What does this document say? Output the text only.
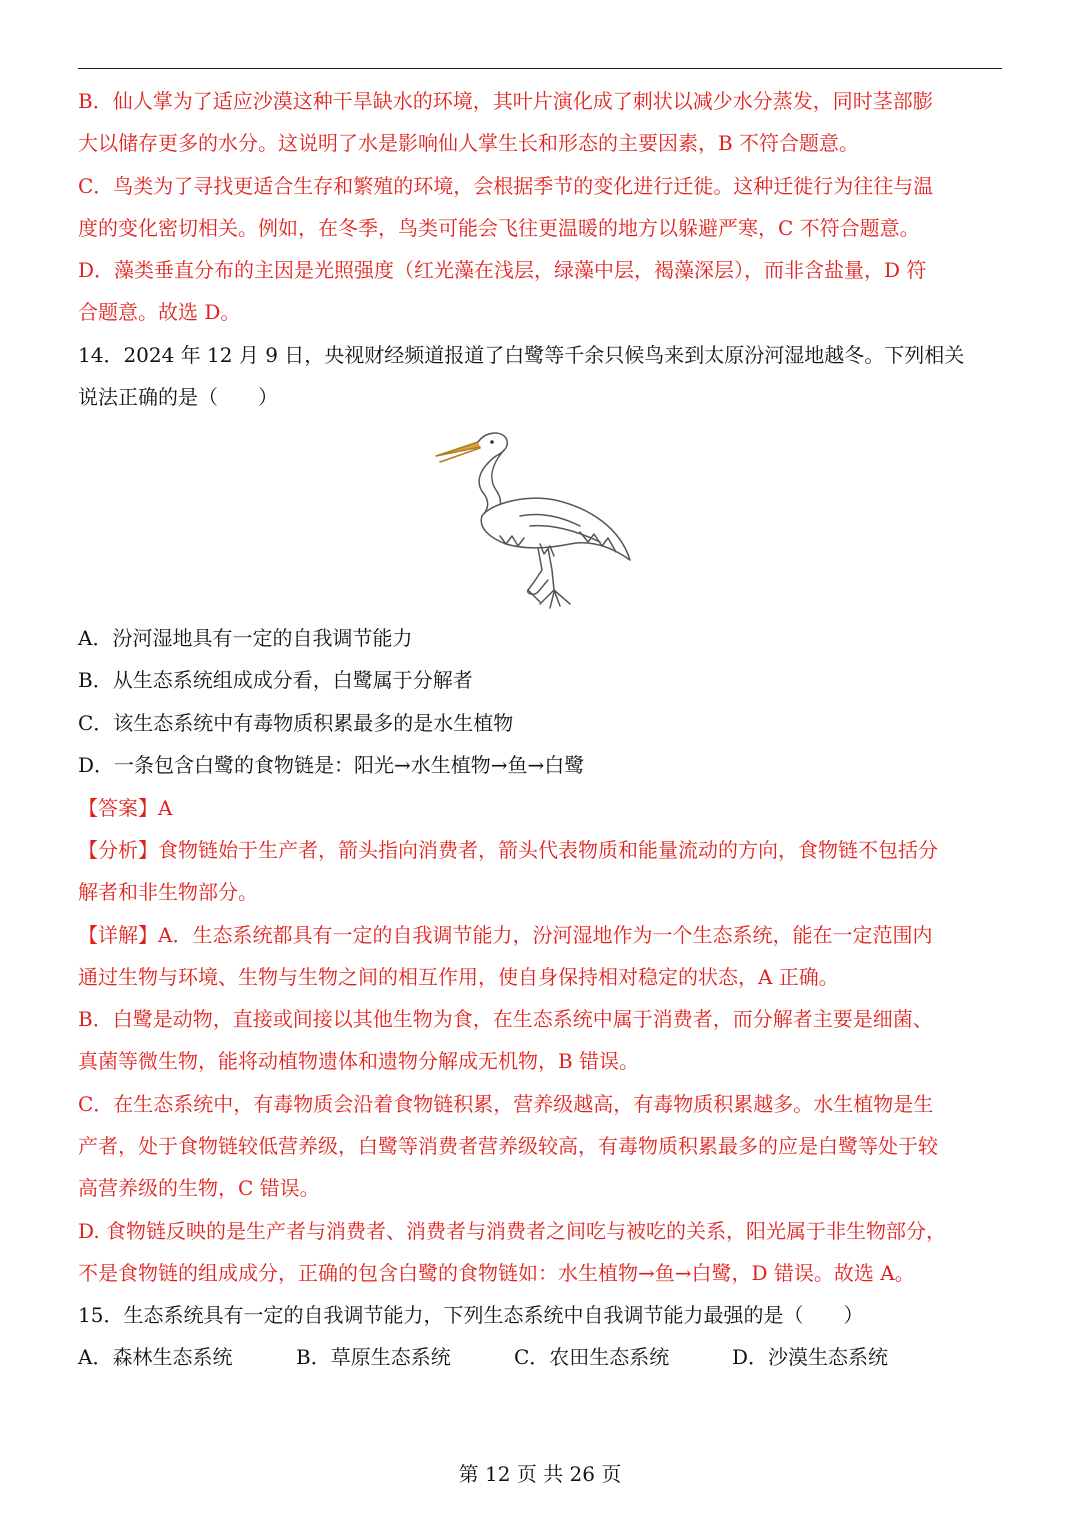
B．仙人掌为了适应沙漠这种干旱缺水的环境，其叶片演化成了刺状以减少水分蒸发，同时茎部膨
大以储存更多的水分。这说明了水是影响仙人掌生长和形态的主要因素，B 不符合题意。
C．鸟类为了寻找更适合生存和繁殖的环境，会根据季节的变化进行迁徙。这种迁徙行为往往与温
度的变化密切相关。例如，在冬季，鸟类可能会飞往更温暖的地方以躲避严寒，C 不符合题意。
D．藻类垂直分布的主因是光照强度（红光藻在浅层，绿藻中层，褐藻深层），而非含盐量，D 符
合题意。故选 D。
14．2024 年 12 月 9 日，央视财经频道报道了白鹭等千余只候鸟来到太原汾河湿地越冬。下列相关
说法正确的是（　　）
A．汾河湿地具有一定的自我调节能力
B．从生态系统组成成分看，白鹭属于分解者
C．该生态系统中有毒物质积累最多的是水生植物
D．一条包含白鹭的食物链是：阳光→水生植物→鱼→白鹭
【答案】A
【分析】食物链始于生产者，箭头指向消费者，箭头代表物质和能量流动的方向，食物链不包括分
解者和非生物部分。
【详解】A．生态系统都具有一定的自我调节能力，汾河湿地作为一个生态系统，能在一定范围内
通过生物与环境、生物与生物之间的相互作用，使自身保持相对稳定的状态，A 正确。
B．白鹭是动物，直接或间接以其他生物为食，在生态系统中属于消费者，而分解者主要是细菌、
真菌等微生物，能将动植物遗体和遗物分解成无机物，B 错误。
C．在生态系统中，有毒物质会沿着食物链积累，营养级越高，有毒物质积累越多。水生植物是生
产者，处于食物链较低营养级，白鹭等消费者营养级较高，有毒物质积累最多的应是白鹭等处于较
高营养级的生物，C 错误。
D. 食物链反映的是生产者与消费者、消费者与消费者之间吃与被吃的关系，阳光属于非生物部分，
不是食物链的组成成分，正确的包含白鹭的食物链如：水生植物→鱼→白鹭，D 错误。故选 A。
15．生态系统具有一定的自我调节能力，下列生态系统中自我调节能力最强的是（　　）
A．森林生态系统	B．草原生态系统	C．农田生态系统	D．沙漠生态系统
第 12 页 共 26 页
